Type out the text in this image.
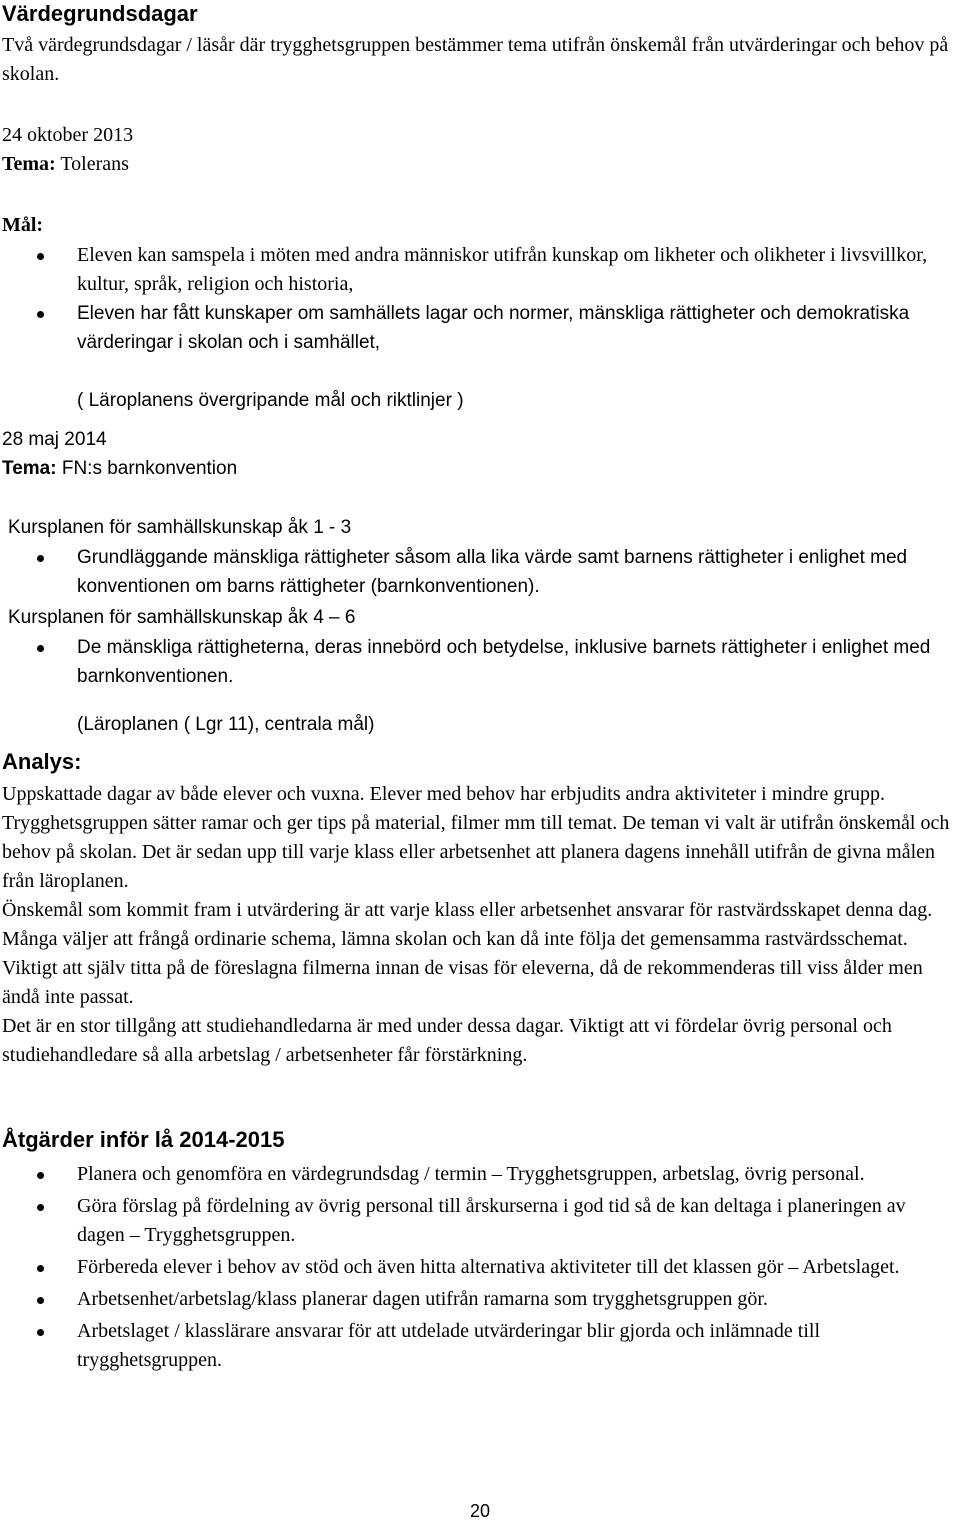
Värdegrundsdagar

Två värdegrundsdagar / läsår där trygghetsgruppen bestämmer tema utifrån önskemål från utvärderingar och behov på skolan.

24 oktober 2013

Tema: Tolerans

Mål:

Eleven kan samspela i möten med andra människor utifrån kunskap om likheter och olikheter i livsvillkor, kultur, språk, religion och historia,
Eleven har fått kunskaper om samhällets lagar och normer, mänskliga rättigheter och demokratiska värderingar i skolan och i samhället,

( Läroplanens övergripande mål och riktlinjer )

28 maj 2014

Tema: FN:s barnkonvention

Kursplanen för samhällskunskap åk 1 - 3

Grundläggande mänskliga rättigheter såsom alla lika värde samt barnens rättigheter i enlighet med konventionen om barns rättigheter (barnkonventionen).

Kursplanen för samhällskunskap åk 4 – 6

De mänskliga rättigheterna, deras innebörd och betydelse, inklusive barnets rättigheter i enlighet med barnkonventionen.

(Läroplanen ( Lgr 11), centrala mål)

Analys:

Uppskattade dagar av både elever och vuxna. Elever med behov har erbjudits andra aktiviteter i mindre grupp. Trygghetsgruppen sätter ramar och ger tips på material, filmer mm till temat. De teman vi valt är utifrån önskemål och behov på skolan. Det är sedan upp till varje klass eller arbetsenhet att planera dagens innehåll utifrån de givna målen från läroplanen.

Önskemål som kommit fram i utvärdering är att varje klass eller arbetsenhet ansvarar för rastvärdsskapet denna dag. Många väljer att frångå ordinarie schema, lämna skolan och kan då inte följa det gemensamma rastvärdsschemat.

Viktigt att själv titta på de föreslagna filmerna innan de visas för eleverna, då de rekommenderas till viss ålder men ändå inte passat.

Det är en stor tillgång att studiehandledarna är med under dessa dagar. Viktigt att vi fördelar övrig personal och studiehandledare så alla arbetslag / arbetsenheter får förstärkning.

Åtgärder inför lå 2014-2015
Planera och genomföra en värdegrundsdag / termin – Trygghetsgruppen, arbetslag, övrig personal.
Göra förslag på fördelning av övrig personal till årskurserna i god tid så de kan deltaga i planeringen av dagen – Trygghetsgruppen.
Förbereda elever i behov av stöd och även hitta alternativa aktiviteter till det klassen gör – Arbetslaget.
Arbetsenhet/arbetslag/klass planerar dagen utifrån ramarna som trygghetsgruppen gör.
Arbetslaget / klasslärare ansvarar för att utdelade utvärderingar blir gjorda och inlämnade till trygghetsgruppen.
20
